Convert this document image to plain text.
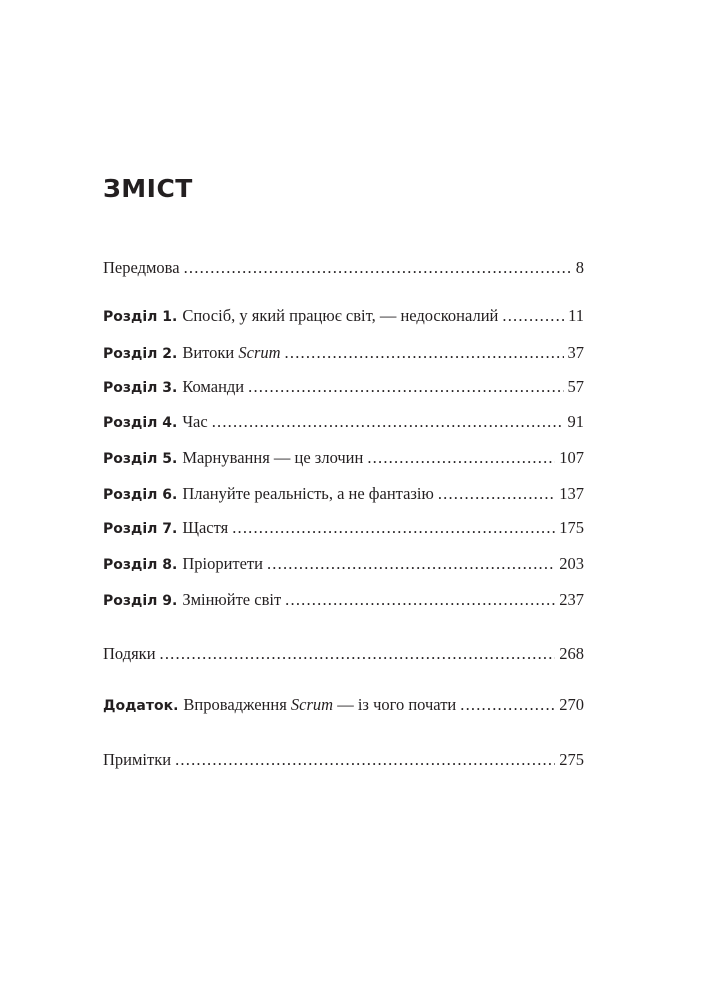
ЗМІСТ
Передмова .....	8
Розділ 1. Спосіб, у який працює світ, — недосконалий .....	11
Розділ 2. Витоки Scrum .....	37
Розділ 3. Команди .....	57
Розділ 4. Час .....	91
Розділ 5. Марнування — це злочин .....	107
Розділ 6. Плануйте реальність, а не фантазію .....	137
Розділ 7. Щастя .....	175
Розділ 8. Пріоритети .....	203
Розділ 9. Змінюйте світ .....	237
Подяки .....	268
Додаток. Впровадження Scrum — із чого почати .....	270
Примітки .....	275
